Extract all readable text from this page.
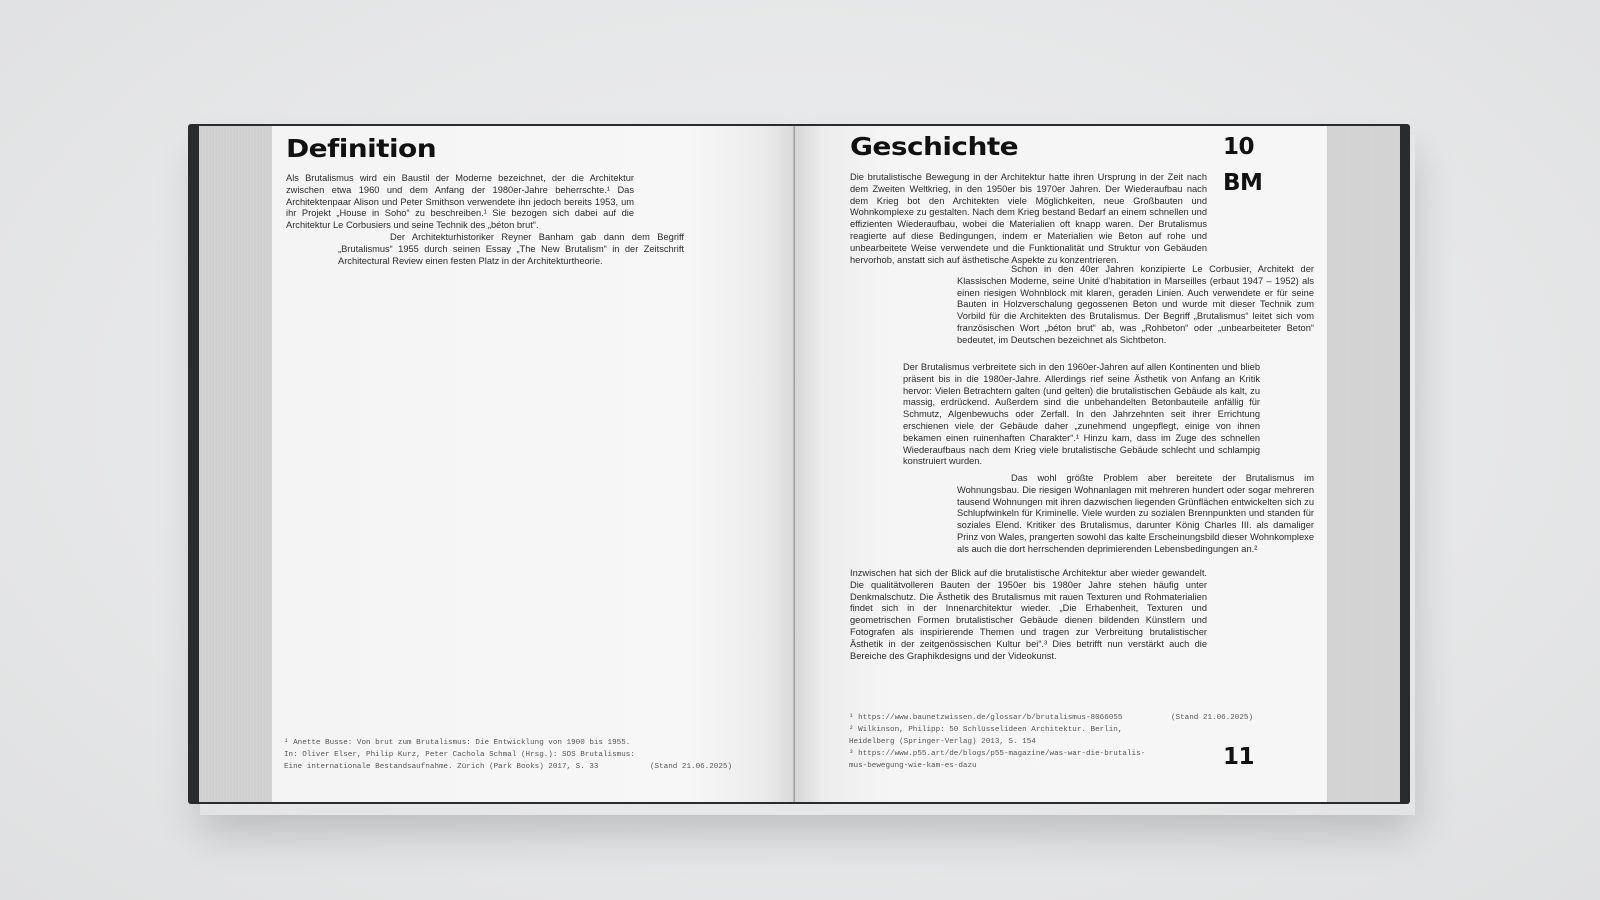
Definition

Als Brutalismus wird ein Baustil der Moderne bezeichnet, der die Architektur zwischen etwa 1960 und dem Anfang der 1980er-Jahre beherrschte.¹ Das Architektenpaar Alison und Peter Smithson verwendete ihn jedoch bereits 1953, um ihr Projekt „House in Soho“ zu beschreiben.¹ Sie bezogen sich dabei auf die Architektur Le Corbusiers und seine Technik des „béton brut“.

Der Architekturhistoriker Reyner Banham gab dann dem Begriff „Brutalismus“ 1955 durch seinen Essay „The New Brutalism“ in der Zeitschrift Architectural Review einen festen Platz in der Architekturtheorie.

¹ Anette Busse: Von brut zum Brutalismus: Die Entwicklung von 1900 bis 1955.

In: Oliver Elser, Philip Kurz, Peter Cachola Schmal (Hrsg.): SOS Brutalismus:

Eine internationale Bestandsaufnahme. Zürich (Park Books) 2017, S. 33	(Stand 21.06.2025)

Geschichte	10

BM

Die brutalistische Bewegung in der Architektur hatte ihren Ursprung in der Zeit nach dem Zweiten Weltkrieg, in den 1950er bis 1970er Jahren. Der Wiederaufbau nach dem Krieg bot den Architekten viele Möglichkeiten, neue Großbauten und Wohnkomplexe zu gestalten. Nach dem Krieg bestand Bedarf an einem schnellen und effizienten Wiederaufbau, wobei die Materialien oft knapp waren. Der Brutalismus reagierte auf diese Bedingungen, indem er Materialien wie Beton auf rohe und unbearbeitete Weise verwendete und die Funktionalität und Struktur von Gebäuden hervorhob, anstatt sich auf ästhetische Aspekte zu konzentrieren.

Schon in den 40er Jahren konzipierte Le Corbusier, Architekt der Klassischen Moderne, seine Unité d’habitation in Marseilles (erbaut 1947 – 1952) als einen riesigen Wohnblock mit klaren, geraden Linien. Auch verwendete er für seine Bauten in Holzverschalung gegossenen Beton und wurde mit dieser Technik zum Vorbild für die Architekten des Brutalismus. Der Begriff „Brutalismus“ leitet sich vom französischen Wort „béton brut“ ab, was „Rohbeton“ oder „unbearbeiteter Beton“ bedeutet, im Deutschen bezeichnet als Sichtbeton.

Der Brutalismus verbreitete sich in den 1960er-Jahren auf allen Kontinenten und blieb präsent bis in die 1980er-Jahre. Allerdings rief seine Ästhetik von Anfang an Kritik hervor: Vielen Betrachtern galten (und gelten) die brutalistischen Gebäude als kalt, zu massig, erdrückend. Außerdem sind die unbehandelten Betonbauteile anfällig für Schmutz, Algenbewuchs oder Zerfall. In den Jahrzehnten seit ihrer Errichtung erschienen viele der Gebäude daher „zunehmend ungepflegt, einige von ihnen bekamen einen ruinenhaften Charakter“.¹ Hinzu kam, dass im Zuge des schnellen Wiederaufbaus nach dem Krieg viele brutalistische Gebäude schlecht und schlampig konstruiert wurden.

Das wohl größte Problem aber bereitete der Brutalismus im Wohnungsbau. Die riesigen Wohnanlagen mit mehreren hundert oder sogar mehreren tausend Wohnungen mit ihren dazwischen liegenden Grünflächen entwickelten sich zu Schlupfwinkeln für Kriminelle. Viele wurden zu sozialen Brennpunkten und standen für soziales Elend. Kritiker des Brutalismus, darunter König Charles III. als damaliger Prinz von Wales, prangerten sowohl das kalte Erscheinungsbild dieser Wohnkomplexe als auch die dort herrschenden deprimierenden Lebensbedingungen an.²

Inzwischen hat sich der Blick auf die brutalistische Architektur aber wieder gewandelt. Die qualitätvolleren Bauten der 1950er bis 1980er Jahre stehen häufig unter Denkmalschutz. Die Ästhetik des Brutalismus mit rauen Texturen und Rohmaterialien findet sich in der Innenarchitektur wieder. „Die Erhabenheit, Texturen und geometrischen Formen brutalistischer Gebäude dienen bildenden Künstlern und Fotografen als inspirierende Themen und tragen zur Verbreitung brutalistischer Ästhetik in der zeitgenössischen Kultur bei“.³ Dies betrifft nun verstärkt auch die Bereiche des Graphikdesigns und der Videokunst.

¹ https://www.baunetzwissen.de/glossar/b/brutalismus-8066055	(Stand 21.06.2025)

² Wilkinson, Philipp: 50 Schlüsselideen Architektur. Berlin,

Heidelberg (Springer-Verlag) 2013, S. 154

³ https://www.p55.art/de/blogs/p55-magazine/was-war-die-brutalis-

mus-bewegung-wie-kam-es-dazu	11
